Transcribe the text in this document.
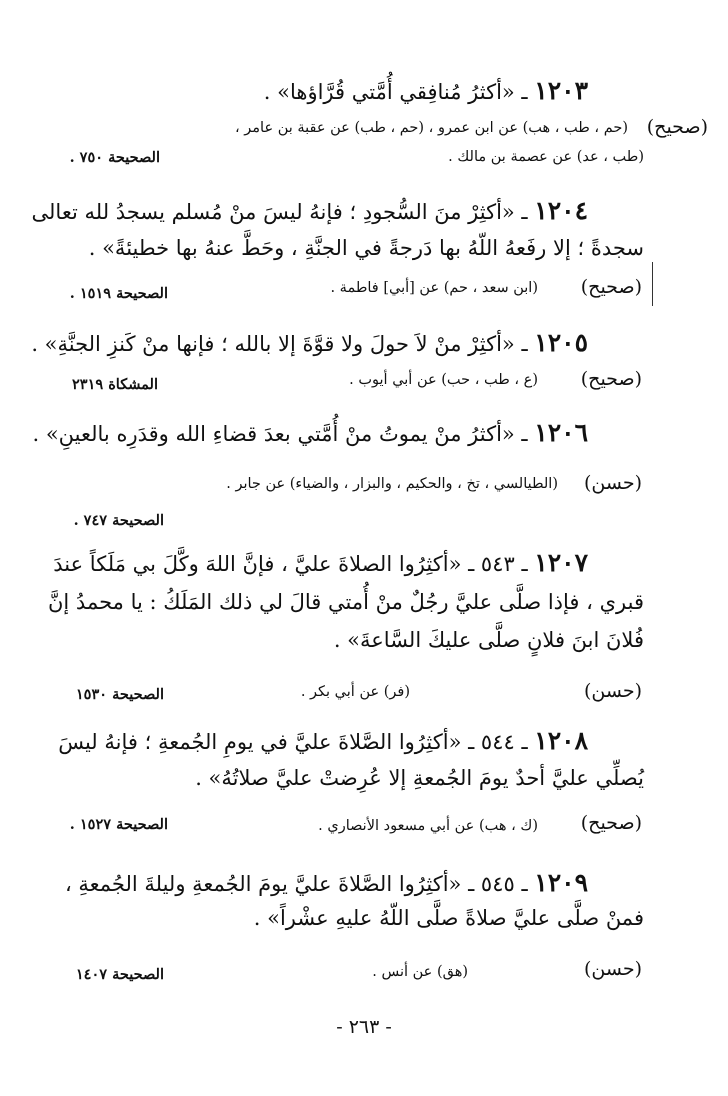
١٢٠٣ ـ «أكثرُ مُنافِقي أُمَّتي قُرَّاؤها» .
(صحيح)
(حم ، طب ، هب) عن ابن عمرو ، (حم ، طب) عن عقبة بن عامر ،
(طب ، عد) عن عصمة بن مالك .
الصحيحة ٧٥٠ .
١٢٠٤ ـ «أكثِرْ منَ السُّجودِ ؛ فإنهُ ليسَ منْ مُسلم يسجدُ لله تعالى
سجدةً ؛ إلا رفَعهُ اللّهُ بها دَرجةً في الجنَّةِ ، وحَطَّ عنهُ بها خطيئةً» .
(صحيح)
(ابن سعد ، حم) عن [أبي] فاطمة .
الصحيحة ١٥١٩ .
١٢٠٥ ـ «أكثِرْ منْ لاَ حولَ ولا قوَّةَ إلا بالله ؛ فإنها منْ كَنزِ الجنَّةِ» .
(صحيح)
(ع ، طب ، حب) عن أبي أيوب .
المشكاة ٢٣١٩
١٢٠٦ ـ «أكثرُ منْ يموتُ منْ أُمَّتي بعدَ قضاءِ الله وقدَرِه بالعينِ» .
(حسن)
(الطيالسي ، تخ ، والحكيم ، والبزار ، والضياء) عن جابر .
الصحيحة ٧٤٧ .
١٢٠٧ ـ ٥٤٣ ـ «أكثِرُوا الصلاةَ عليَّ ، فإنَّ اللهَ وكَّلَ بي مَلَكاً عندَ
قبري ، فإذا صلَّى عليَّ رجُلٌ منْ أُمتي قالَ لي ذلك المَلَكُ : يا محمدُ إنَّ
فُلانَ ابنَ فلانٍ صلَّى عليكَ السَّاعةَ» .
(حسن)
(فر) عن أبي بكر .
الصحيحة ١٥٣٠
١٢٠٨ ـ ٥٤٤ ـ «أكثِرُوا الصَّلاةَ عليَّ في يومِ الجُمعةِ ؛ فإنهُ ليسَ
يُصلِّي عليَّ أحدٌ يومَ الجُمعةِ إلا عُرِضتْ عليَّ صلاتُهُ» .
(صحيح)
(ك ، هب) عن أبي مسعود الأنصاري .
الصحيحة ١٥٢٧ .
١٢٠٩ ـ ٥٤٥ ـ «أكثِرُوا الصَّلاةَ عليَّ يومَ الجُمعةِ وليلةَ الجُمعةِ ،
فمنْ صلَّى عليَّ صلاةً صلَّى اللّهُ عليهِ عشْراً» .
(حسن)
(هق) عن أنس .
الصحيحة ١٤٠٧
- ٢٦٣ -
